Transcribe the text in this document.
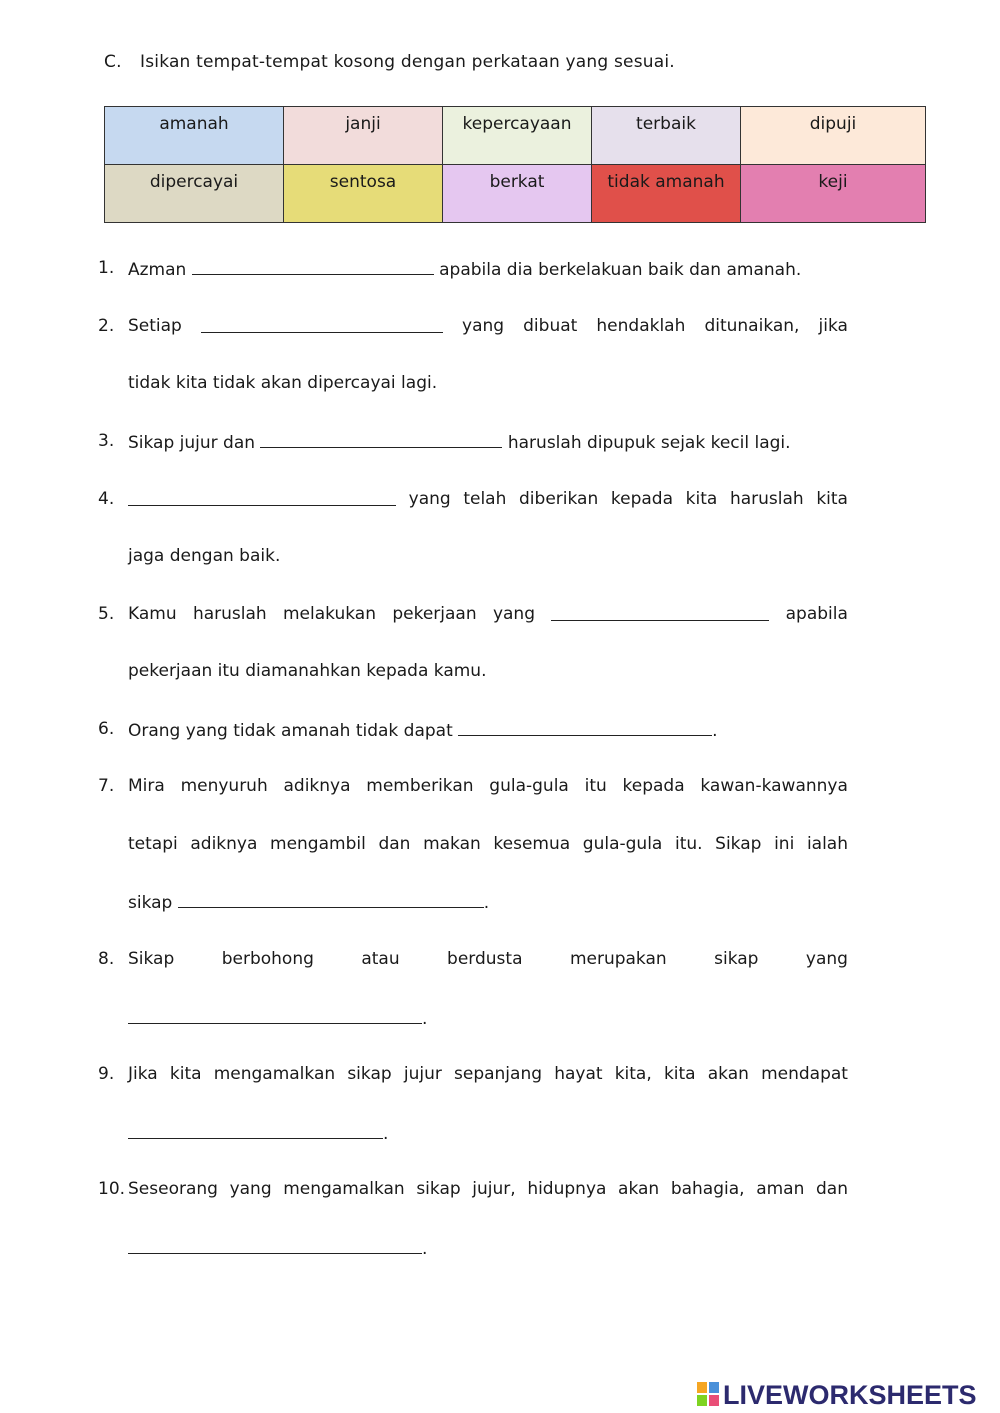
C. Isikan tempat-tempat kosong dengan perkataan yang sesuai.
amanah	janji	kepercayaan	terbaik	dipuji
dipercayai	sentosa	berkat	tidak amanah	keji
1. Azman	apabila dia berkelakuan baik dan amanah.
2. Setiap	yang dibuat hendaklah ditunaikan, jika
tidak kita tidak akan dipercayai lagi.
3. Sikap jujur dan	haruslah dipupuk sejak kecil lagi.
4.	yang telah diberikan kepada kita haruslah kita
jaga dengan baik.
5. Kamu haruslah melakukan pekerjaan yang	apabila
pekerjaan itu diamanahkan kepada kamu.
6. Orang yang tidak amanah tidak dapat	.
7. Mira menyuruh adiknya memberikan gula-gula itu kepada kawan-kawannya
tetapi adiknya mengambil dan makan kesemua gula-gula itu. Sikap ini ialah
sikap	.
8. Sikap	berbohong	atau	berdusta	merupakan	sikap	yang
.
9. Jika kita mengamalkan sikap jujur sepanjang hayat kita, kita akan mendapat
.
10. Seseorang yang mengamalkan sikap jujur, hidupnya akan bahagia, aman dan
.
LIVEWORKSHEETS
